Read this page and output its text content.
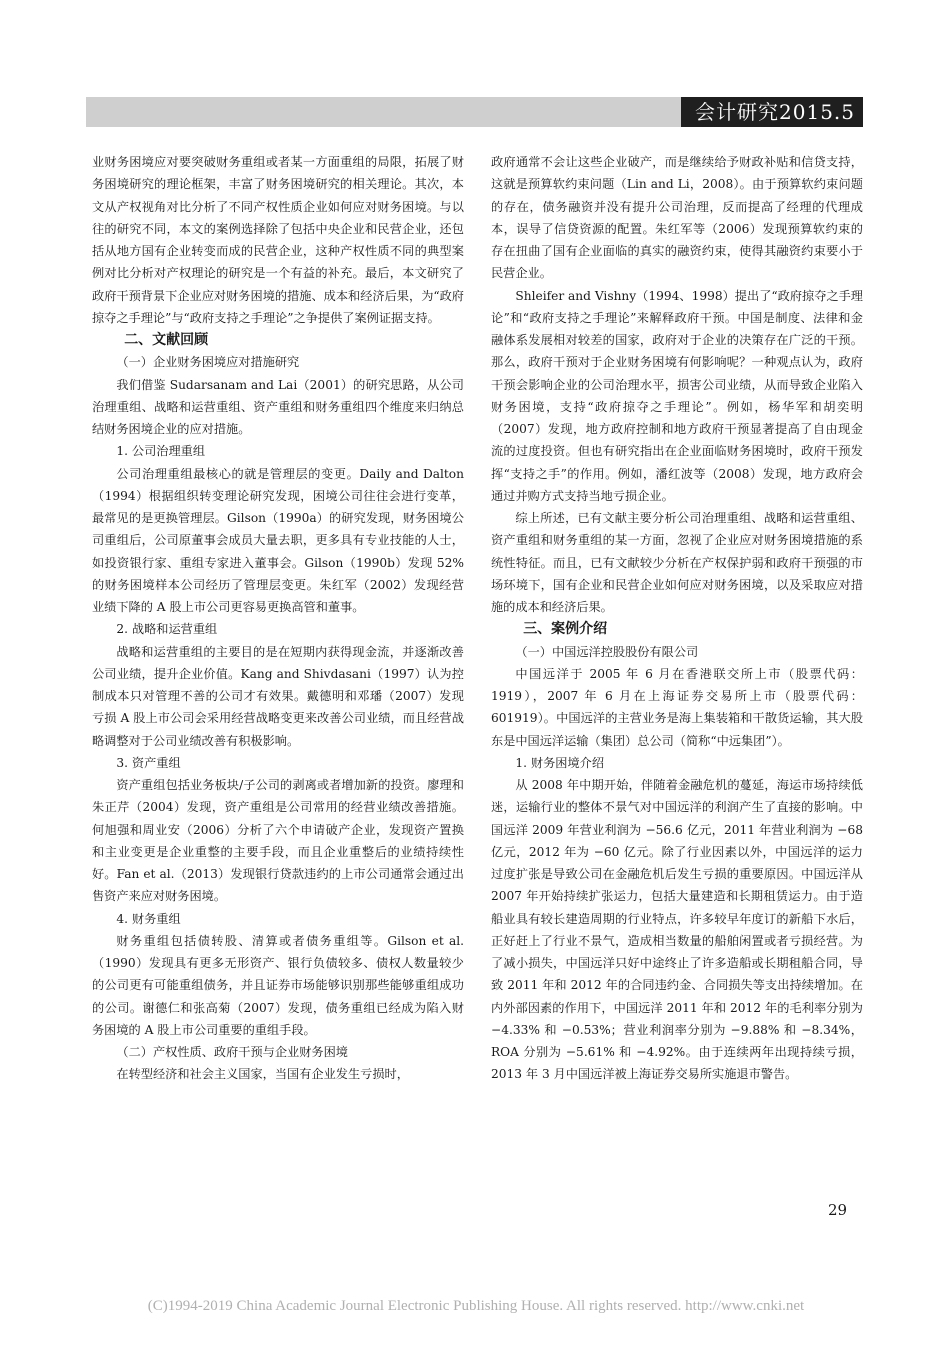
会计研究2015.5

业财务困境应对要突破财务重组或者某一方面重组的局限，拓展了财务困境研究的理论框架，丰富了财务困境研究的相关理论。其次，本文从产权视角对比分析了不同产权性质企业如何应对财务困境。与以往的研究不同，本文的案例选择除了包括中央企业和民营企业，还包括从地方国有企业转变而成的民营企业，这种产权性质不同的典型案例对比分析对产权理论的研究是一个有益的补充。最后，本文研究了政府干预背景下企业应对财务困境的措施、成本和经济后果，为“政府掠夺之手理论”与“政府支持之手理论”之争提供了案例证据支持。

二、文献回顾
（一）企业财务困境应对措施研究

我们借鉴 Sudarsanam and Lai（2001）的研究思路，从公司治理重组、战略和运营重组、资产重组和财务重组四个维度来归纳总结财务困境企业的应对措施。

1. 公司治理重组

公司治理重组最核心的就是管理层的变更。Daily and Dalton（1994）根据组织转变理论研究发现，困境公司往往会进行变革，最常见的是更换管理层。Gilson（1990a）的研究发现，财务困境公司重组后，公司原董事会成员大量去职，更多具有专业技能的人士，如投资银行家、重组专家进入董事会。Gilson（1990b）发现 52% 的财务困境样本公司经历了管理层变更。朱红军（2002）发现经营业绩下降的 A 股上市公司更容易更换高管和董事。

2. 战略和运营重组

战略和运营重组的主要目的是在短期内获得现金流，并逐渐改善公司业绩，提升企业价值。Kang and Shivdasani（1997）认为控制成本只对管理不善的公司才有效果。戴德明和邓璠（2007）发现亏损 A 股上市公司会采用经营战略变更来改善公司业绩，而且经营战略调整对于公司业绩改善有积极影响。

3. 资产重组

资产重组包括业务板块/子公司的剥离或者增加新的投资。廖理和朱正芹（2004）发现，资产重组是公司常用的经营业绩改善措施。何旭强和周业安（2006）分析了六个申请破产企业，发现资产置换和主业变更是企业重整的主要手段，而且企业重整后的业绩持续性好。Fan et al.（2013）发现银行贷款违约的上市公司通常会通过出售资产来应对财务困境。

4. 财务重组

财务重组包括债转股、清算或者债务重组等。Gilson et al.（1990）发现具有更多无形资产、银行负债较多、债权人数量较少的公司更有可能重组债务，并且证券市场能够识别那些能够重组成功的公司。谢德仁和张高菊（2007）发现，债务重组已经成为陷入财务困境的 A 股上市公司重要的重组手段。

（二）产权性质、政府干预与企业财务困境

在转型经济和社会主义国家，当国有企业发生亏损时，

政府通常不会让这些企业破产，而是继续给予财政补贴和信贷支持，这就是预算软约束问题（Lin and Li，2008）。由于预算软约束问题的存在，债务融资并没有提升公司治理，反而提高了经理的代理成本，误导了信贷资源的配置。朱红军等（2006）发现预算软约束的存在扭曲了国有企业面临的真实的融资约束，使得其融资约束要小于民营企业。

Shleifer and Vishny（1994、1998）提出了“政府掠夺之手理论”和“政府支持之手理论”来解释政府干预。中国是制度、法律和金融体系发展相对较差的国家，政府对于企业的决策存在广泛的干预。那么，政府干预对于企业财务困境有何影响呢？一种观点认为，政府干预会影响企业的公司治理水平，损害公司业绩，从而导致企业陷入财务困境，支持“政府掠夺之手理论”。例如，杨华军和胡奕明（2007）发现，地方政府控制和地方政府干预显著提高了自由现金流的过度投资。但也有研究指出在企业面临财务困境时，政府干预发挥“支持之手”的作用。例如，潘红波等（2008）发现，地方政府会通过并购方式支持当地亏损企业。

综上所述，已有文献主要分析公司治理重组、战略和运营重组、资产重组和财务重组的某一方面，忽视了企业应对财务困境措施的系统性特征。而且，已有文献较少分析在产权保护弱和政府干预强的市场环境下，国有企业和民营企业如何应对财务困境，以及采取应对措施的成本和经济后果。

三、案例介绍
（一）中国远洋控股股份有限公司

中国远洋于 2005 年 6 月在香港联交所上市（股票代码：1919），2007 年 6 月在上海证券交易所上市（股票代码：601919）。中国远洋的主营业务是海上集装箱和干散货运输，其大股东是中国远洋运输（集团）总公司（简称“中远集团”）。

1. 财务困境介绍

从 2008 年中期开始，伴随着金融危机的蔓延，海运市场持续低迷，运输行业的整体不景气对中国远洋的利润产生了直接的影响。中国远洋 2009 年营业利润为 −56.6 亿元，2011 年营业利润为 −68 亿元，2012 年为 −60 亿元。除了行业因素以外，中国远洋的运力过度扩张是导致公司在金融危机后发生亏损的重要原因。中国远洋从 2007 年开始持续扩张运力，包括大量建造和长期租赁运力。由于造船业具有较长建造周期的行业特点，许多较早年度订的新船下水后，正好赶上了行业不景气，造成相当数量的船舶闲置或者亏损经营。为了减小损失，中国远洋只好中途终止了许多造船或长期租船合同，导致 2011 年和 2012 年的合同违约金、合同损失等支出持续增加。在内外部因素的作用下，中国远洋 2011 年和 2012 年的毛利率分别为 −4.33% 和 −0.53%；营业利润率分别为 −9.88% 和 −8.34%，ROA 分别为 −5.61% 和 −4.92%。由于连续两年出现持续亏损，2013 年 3 月中国远洋被上海证券交易所实施退市警告。

29
(C)1994-2019 China Academic Journal Electronic Publishing House. All rights reserved. http://www.cnki.net
